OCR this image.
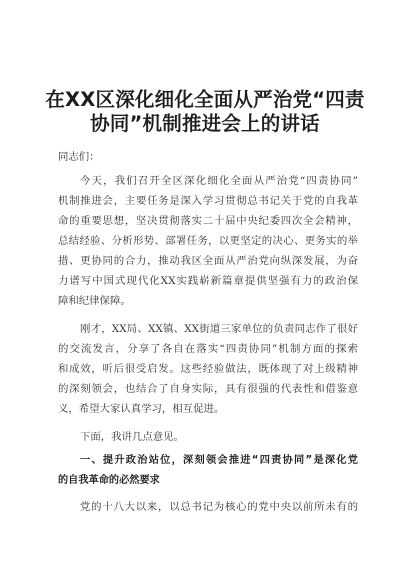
在XX区深化细化全面从严治党“四责
协同”机制推进会上的讲话
同志们：
今天，我们召开全区深化细化全面从严治党“四责协同”
机制推进会，主要任务是深入学习贯彻总书记关于党的自我革
命的重要思想，坚决贯彻落实二十届中央纪委四次全会精神，
总结经验、分析形势、部署任务，以更坚定的决心、更务实的举
措、更协同的合力，推动我区全面从严治党向纵深发展，为奋
力谱写中国式现代化XX实践崭新篇章提供坚强有力的政治保
障和纪律保障。
刚才，XX局、XX镇、XX街道三家单位的负责同志作了很好
的交流发言，分享了各自在落实“四责协同”机制方面的探索
和成效，听后很受启发。这些经验做法，既体现了对上级精神
的深刻领会，也结合了自身实际，具有很强的代表性和借鉴意
义，希望大家认真学习，相互促进。
下面，我讲几点意见。
一、提升政治站位，深刻领会推进“四责协同”是深化党
的自我革命的必然要求
党的十八大以来，以总书记为核心的党中央以前所未有的
